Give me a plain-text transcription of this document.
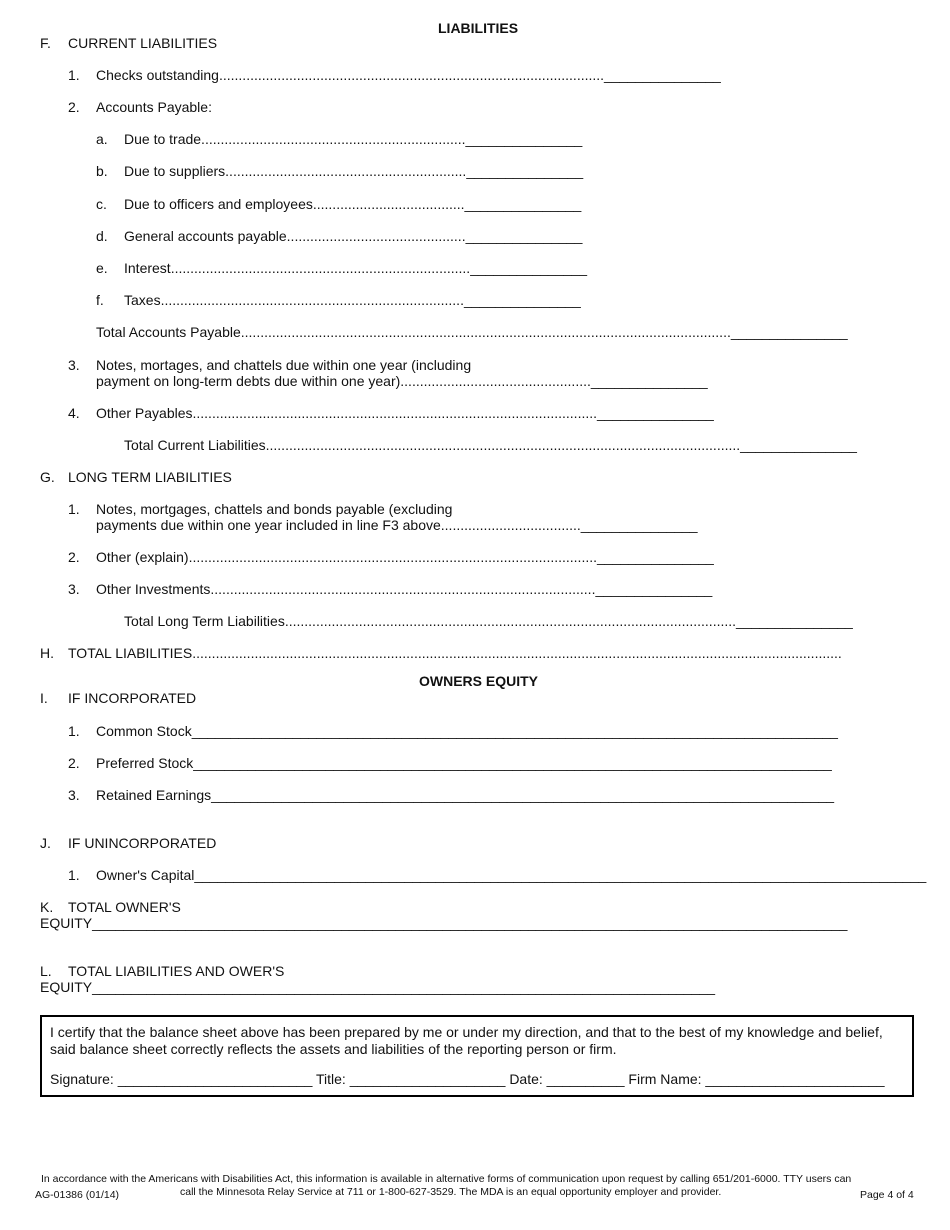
LIABILITIES
F. CURRENT LIABILITIES
1. Checks outstanding..................................................................................................._______________
2. Accounts Payable:
a. Due to trade...................................................................._______________
b. Due to suppliers.............................................................._______________
c. Due to officers and employees......................................._______________
d. General accounts payable.............................................._______________
e. Interest............................................................................._______________
f. Taxes.............................................................................._______________
Total Accounts Payable.............................................................................................................................._______________
3. Notes, mortages, and chattels due within one year (including
payment on long-term debts due within one year)................................................._______________
4. Other Payables........................................................................................................_______________
Total Current Liabilities.........................................................................................................................._______________
G. LONG TERM LIABILITIES
1. Notes, mortgages, chattels and bonds payable (excluding
payments due within one year included in line F3 above...................................._______________
2. Other (explain)........................................................................................................._______________
3. Other Investments..................................................................................................._______________
Total Long Term Liabilities...................................................................................................................._______________
H. TOTAL LIABILITIES.......................................................................................................................................................................
OWNERS EQUITY
I. IF INCORPORATED
1. Common Stock___________________________________________________________________________________
2. Preferred Stock__________________________________________________________________________________
3. Retained Earnings________________________________________________________________________________
J. IF UNINCORPORATED
1. Owner's Capital______________________________________________________________________________________________
K. TOTAL OWNER'S
EQUITY_________________________________________________________________________________________________
L. TOTAL LIABILITIES AND OWER'S
EQUITY________________________________________________________________________________
I certify that the balance sheet above has been prepared by me or under my direction, and that to the best of my knowledge and belief,
said balance sheet correctly reflects the assets and liabilities of the reporting person or firm.
Signature: _________________________ Title: ____________________ Date: __________ Firm Name: _______________________
In accordance with the Americans with Disabilities Act, this information is available in alternative forms of communication upon request by calling 651/201-6000. TTY users can
call the Minnesota Relay Service at 711 or 1-800-627-3529. The MDA is an equal opportunity employer and provider.
AG-01386 (01/14)	Page 4 of 4
